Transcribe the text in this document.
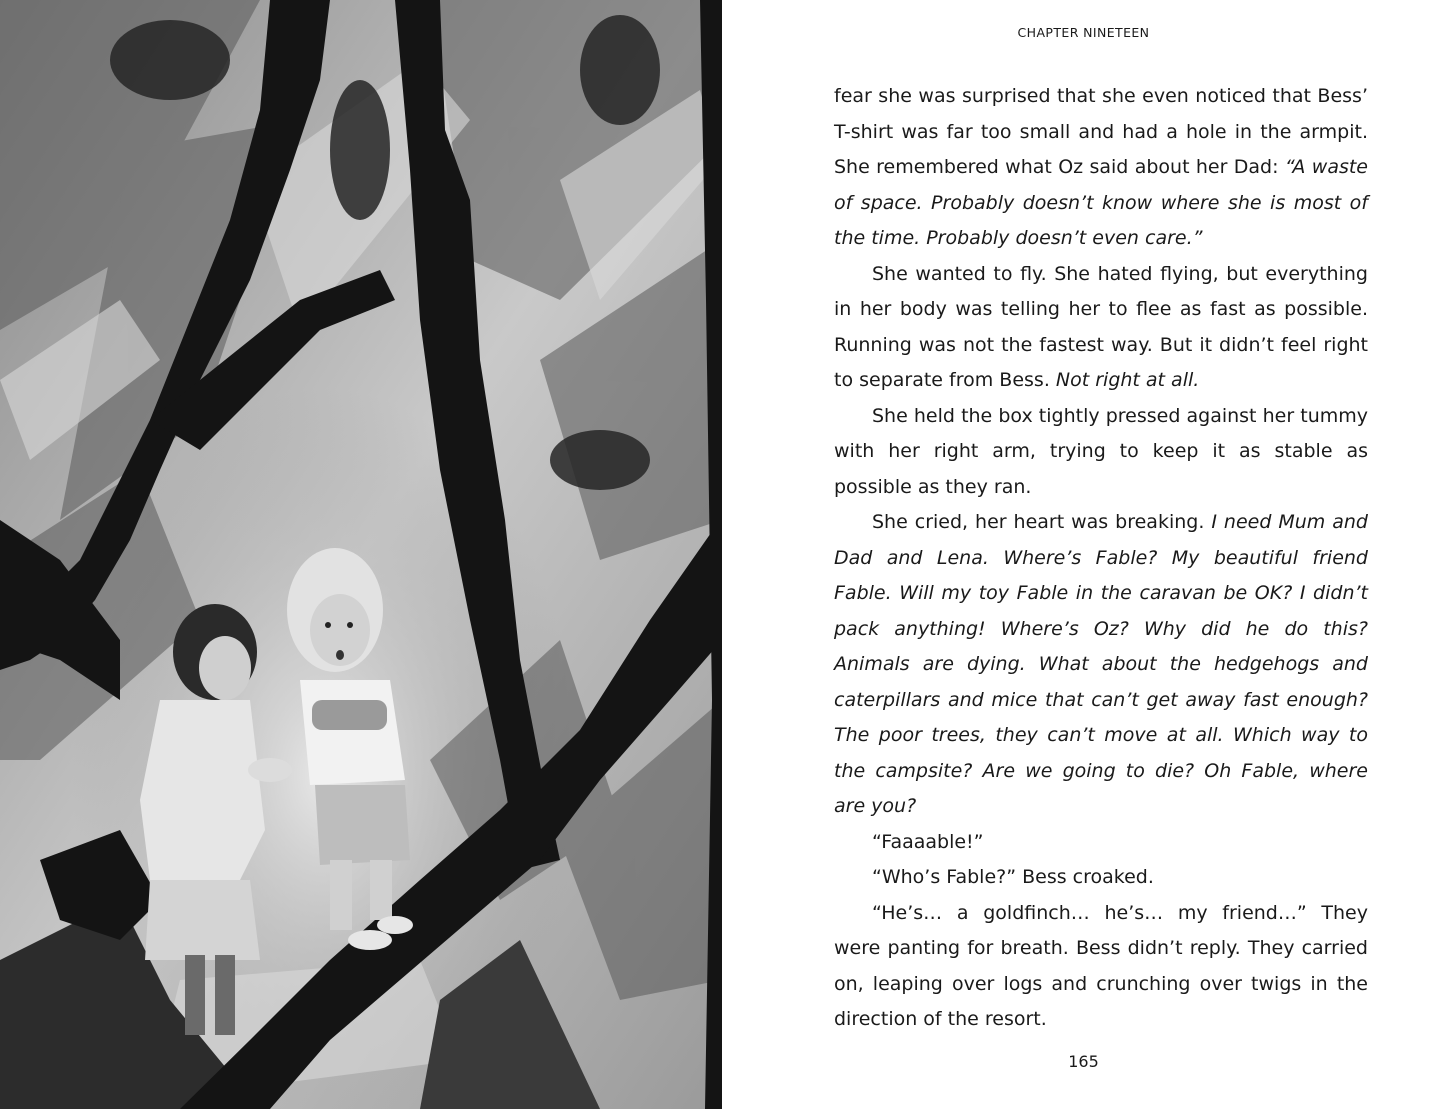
CHAPTER NINETEEN

fear she was surprised that she even noticed that Bess’ T-shirt was far too small and had a hole in the armpit. She remembered what Oz said about her Dad: “A waste of space. Probably doesn’t know where she is most of the time. Probably doesn’t even care.”

She wanted to fly. She hated flying, but everything in her body was telling her to flee as fast as possible. Running was not the fastest way. But it didn’t feel right to separate from Bess. Not right at all.

She held the box tightly pressed against her tummy with her right arm, trying to keep it as stable as possible as they ran.

She cried, her heart was breaking. I need Mum and Dad and Lena. Where’s Fable? My beautiful friend Fable. Will my toy Fable in the caravan be OK? I didn’t pack anything! Where’s Oz? Why did he do this? Animals are dying. What about the hedgehogs and caterpillars and mice that can’t get away fast enough? The poor trees, they can’t move at all. Which way to the campsite? Are we going to die? Oh Fable, where are you?

“Faaaable!”

“Who’s Fable?” Bess croaked.

“He’s… a goldfinch… he’s… my friend…” They were panting for breath. Bess didn’t reply. They carried on, leaping over logs and crunching over twigs in the direction of the resort.

165
